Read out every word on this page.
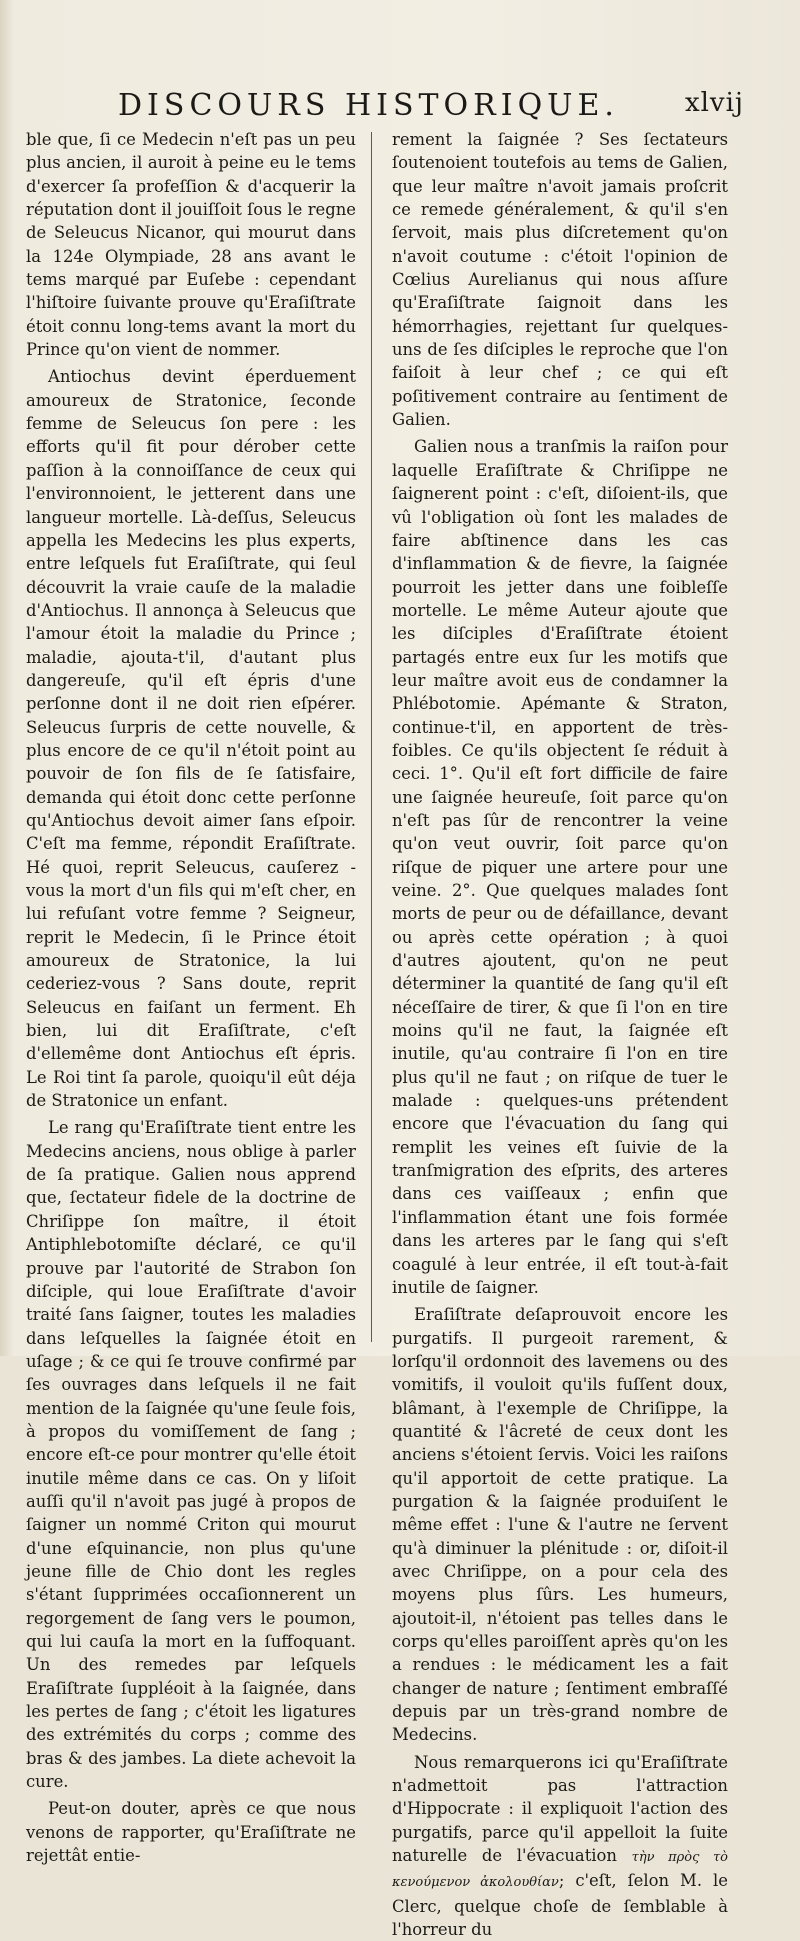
DISCOURS HISTORIQUE.	xlvij

ble que, ſi ce Medecin n'eſt pas un peu plus ancien, il auroit à peine eu le tems d'exercer ſa profeſſion & d'acquerir la réputation dont il jouiſſoit ſous le regne de Seleucus Nicanor, qui mourut dans la 124e Olympiade, 28 ans avant le tems marqué par Euſebe : cependant l'hiſtoire ſuivante prouve qu'Eraſiſtrate étoit connu long-tems avant la mort du Prince qu'on vient de nommer.

Antiochus devint éperduement amoureux de Stratonice, ſeconde femme de Seleucus ſon pere : les efforts qu'il fit pour dérober cette paſſion à la connoiſſance de ceux qui l'environnoient, le jetterent dans une langueur mortelle. Là-deſſus, Seleucus appella les Medecins les plus experts, entre leſquels fut Eraſiſtrate, qui ſeul découvrit la vraie cauſe de la maladie d'Antiochus. Il annonça à Seleucus que l'amour étoit la maladie du Prince ; maladie, ajouta-t'il, d'autant plus dangereuſe, qu'il eſt épris d'une perſonne dont il ne doit rien eſpérer. Seleucus ſurpris de cette nouvelle, & plus encore de ce qu'il n'étoit point au pouvoir de ſon fils de ſe ſatisfaire, demanda qui étoit donc cette perſonne qu'Antiochus devoit aimer ſans eſpoir. C'eſt ma femme, répondit Eraſiſtrate. Hé quoi, reprit Seleucus, cauſerez - vous la mort d'un fils qui m'eſt cher, en lui refuſant votre femme ? Seigneur, reprit le Medecin, ſi le Prince étoit amoureux de Stratonice, la lui cederiez-vous ? Sans doute, reprit Seleucus en faiſant un ferment. Eh bien, lui dit Eraſiſtrate, c'eſt d'ellemême dont Antiochus eſt épris. Le Roi tint ſa parole, quoiqu'il eût déja de Stratonice un enfant.

Le rang qu'Eraſiſtrate tient entre les Medecins anciens, nous oblige à parler de ſa pratique. Galien nous apprend que, ſectateur fidele de la doctrine de Chriſippe ſon maître, il étoit Antiphlebotomiſte déclaré, ce qu'il prouve par l'autorité de Strabon ſon diſciple, qui loue Eraſiſtrate d'avoir traité ſans ſaigner, toutes les maladies dans leſquelles la ſaignée étoit en uſage ; & ce qui ſe trouve confirmé par ſes ouvrages dans leſquels il ne fait mention de la ſaignée qu'une ſeule fois, à propos du vomiſſement de ſang ; encore eſt-ce pour montrer qu'elle étoit inutile même dans ce cas. On y liſoit auſſi qu'il n'avoit pas jugé à propos de ſaigner un nommé Criton qui mourut d'une eſquinancie, non plus qu'une jeune fille de Chio dont les regles s'étant ſupprimées occaſionnerent un regorgement de ſang vers le poumon, qui lui cauſa la mort en la ſuffoquant. Un des remedes par leſquels Eraſiſtrate ſuppléoit à la ſaignée, dans les pertes de ſang ; c'étoit les ligatures des extrémités du corps ; comme des bras & des jambes. La diete achevoit la cure.

Peut-on douter, après ce que nous venons de rapporter, qu'Eraſiſtrate ne rejettât entie-

rement la ſaignée ? Ses ſectateurs ſoutenoient toutefois au tems de Galien, que leur maître n'avoit jamais proſcrit ce remede généralement, & qu'il s'en ſervoit, mais plus diſcretement qu'on n'avoit coutume : c'étoit l'opinion de Cœlius Aurelianus qui nous aſſure qu'Eraſiſtrate ſaignoit dans les hémorrhagies, rejettant ſur quelques-uns de ſes diſciples le reproche que l'on faiſoit à leur chef ; ce qui eſt poſitivement contraire au ſentiment de Galien.

Galien nous a tranſmis la raiſon pour laquelle Eraſiſtrate & Chriſippe ne ſaignerent point : c'eſt, diſoient-ils, que vû l'obligation où ſont les malades de faire abſtinence dans les cas d'inflammation & de fievre, la ſaignée pourroit les jetter dans une foibleſſe mortelle. Le même Auteur ajoute que les diſciples d'Eraſiſtrate étoient partagés entre eux ſur les motifs que leur maître avoit eus de condamner la Phlébotomie. Apémante & Straton, continue-t'il, en apportent de très-foibles. Ce qu'ils objectent ſe réduit à ceci. 1°. Qu'il eſt fort difficile de faire une ſaignée heureuſe, ſoit parce qu'on n'eſt pas ſûr de rencontrer la veine qu'on veut ouvrir, ſoit parce qu'on riſque de piquer une artere pour une veine. 2°. Que quelques malades ſont morts de peur ou de défaillance, devant ou après cette opération ; à quoi d'autres ajoutent, qu'on ne peut déterminer la quantité de ſang qu'il eſt néceſſaire de tirer, & que ſi l'on en tire moins qu'il ne faut, la ſaignée eſt inutile, qu'au contraire ſi l'on en tire plus qu'il ne faut ; on riſque de tuer le malade : quelques-uns prétendent encore que l'évacuation du ſang qui remplit les veines eſt ſuivie de la tranſmigration des eſprits, des arteres dans ces vaiſſeaux ; enfin que l'inflammation étant une fois formée dans les arteres par le ſang qui s'eſt coagulé à leur entrée, il eſt tout-à-fait inutile de ſaigner.

Eraſiſtrate deſaprouvoit encore les purgatifs. Il purgeoit rarement, & lorſqu'il ordonnoit des lavemens ou des vomitifs, il vouloit qu'ils fuſſent doux, blâmant, à l'exemple de Chriſippe, la quantité & l'âcreté de ceux dont les anciens s'étoient ſervis. Voici les raiſons qu'il apportoit de cette pratique. La purgation & la ſaignée produiſent le même effet : l'une & l'autre ne ſervent qu'à diminuer la plénitude : or, diſoit-il avec Chriſippe, on a pour cela des moyens plus ſûrs. Les humeurs, ajoutoit-il, n'étoient pas telles dans le corps qu'elles paroiſſent après qu'on les a rendues : le médicament les a fait changer de nature ; ſentiment embraſſé depuis par un très-grand nombre de Medecins.

Nous remarquerons ici qu'Eraſiſtrate n'admettoit pas l'attraction d'Hippocrate : il expliquoit l'action des purgatifs, parce qu'il appelloit la ſuite naturelle de l'évacuation τὴν πρὸς τὸ κενούμενον ἀκολουθίαν; c'eſt, ſelon M. le Clerc, quelque choſe de ſemblable à l'horreur du
